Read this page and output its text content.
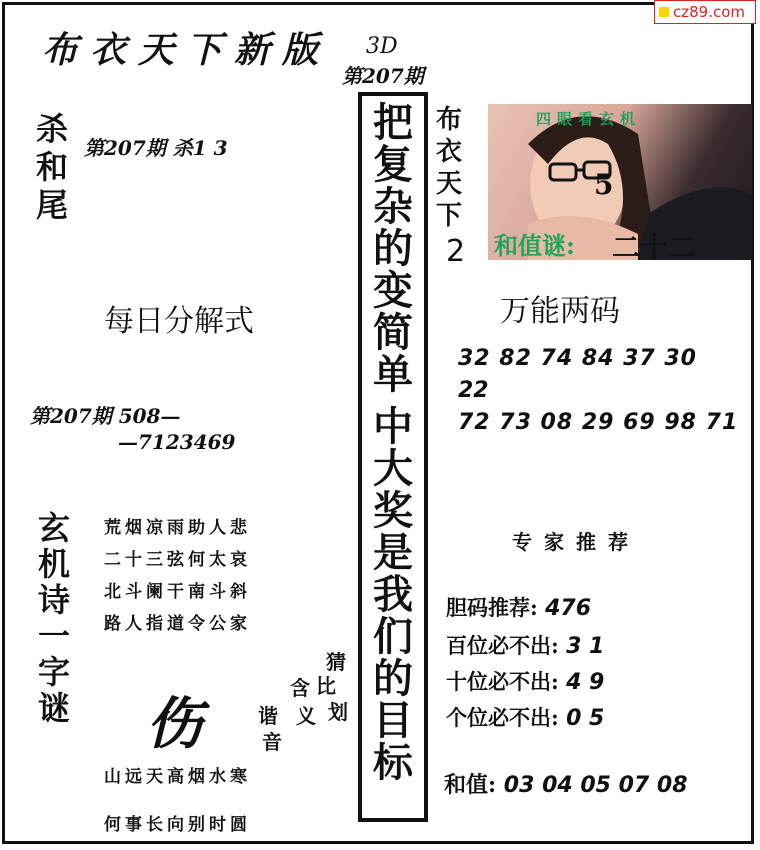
cz89.com
布衣天下新版 3D
第207期
杀
和
尾
第207期 杀1 3
每日分解式
第207期 508—
—7123469
玄
机
诗
一
字
谜
荒烟凉雨助人悲
二十三弦何太哀
北斗阑干南斗斜
路人指道令公家
伤
猜
比
划
含
义
谐
音
山远天高烟水寒
何事长向别时圆
把
复
杂
的
变
简
单
中
大
奖
是
我
们
的
目
标
布
衣
天
下
2
四眼看玄机
5
和值谜: 二十二
万能两码
32 82 74 84 37 30
22
72 73 08 29 69 98 71
专家推荐
胆码推荐: 476
百位必不出: 3 1
十位必不出: 4 9
个位必不出: 0 5
和值: 03 04 05 07 08
